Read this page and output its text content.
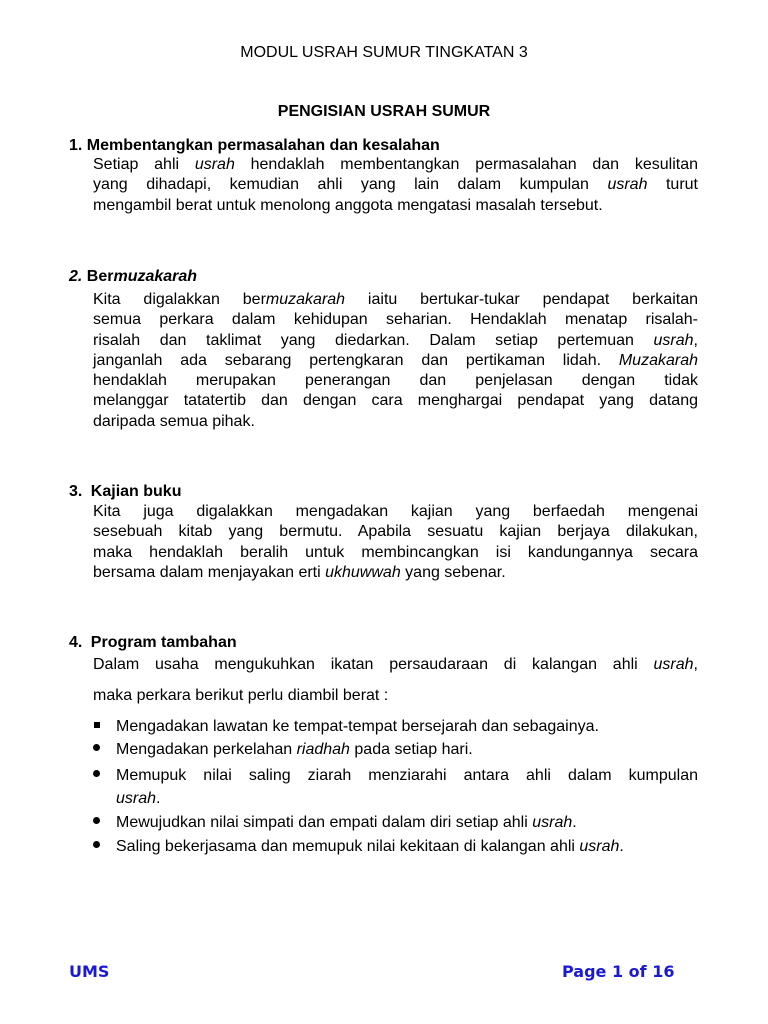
MODUL USRAH SUMUR TINGKATAN 3
PENGISIAN USRAH SUMUR
1. Membentangkan permasalahan dan kesalahan
Setiap ahli usrah hendaklah membentangkan permasalahan dan kesulitan
yang dihadapi, kemudian ahli yang lain dalam kumpulan usrah turut
mengambil berat untuk menolong anggota mengatasi masalah tersebut.
2. Bermuzakarah
Kita digalakkan bermuzakarah iaitu bertukar-tukar pendapat berkaitan
semua perkara dalam kehidupan seharian. Hendaklah menatap risalah-
risalah dan taklimat yang diedarkan. Dalam setiap pertemuan usrah,
janganlah ada sebarang pertengkaran dan pertikaman lidah. Muzakarah
hendaklah merupakan penerangan dan penjelasan dengan tidak
melanggar tatatertib dan dengan cara menghargai pendapat yang datang
daripada semua pihak.
3. Kajian buku
Kita juga digalakkan mengadakan kajian yang berfaedah mengenai
sesebuah kitab yang bermutu. Apabila sesuatu kajian berjaya dilakukan,
maka hendaklah beralih untuk membincangkan isi kandungannya secara
bersama dalam menjayakan erti ukhuwwah yang sebenar.
4. Program tambahan
Dalam usaha mengukuhkan ikatan persaudaraan di kalangan ahli usrah,
maka perkara berikut perlu diambil berat :
Mengadakan lawatan ke tempat-tempat bersejarah dan sebagainya.
Mengadakan perkelahan riadhah pada setiap hari.
Memupuk nilai saling ziarah menziarahi antara ahli dalam kumpulan
usrah.
Mewujudkan nilai simpati dan empati dalam diri setiap ahli usrah.
Saling bekerjasama dan memupuk nilai kekitaan di kalangan ahli usrah.
UMS	Page 1 of 16
